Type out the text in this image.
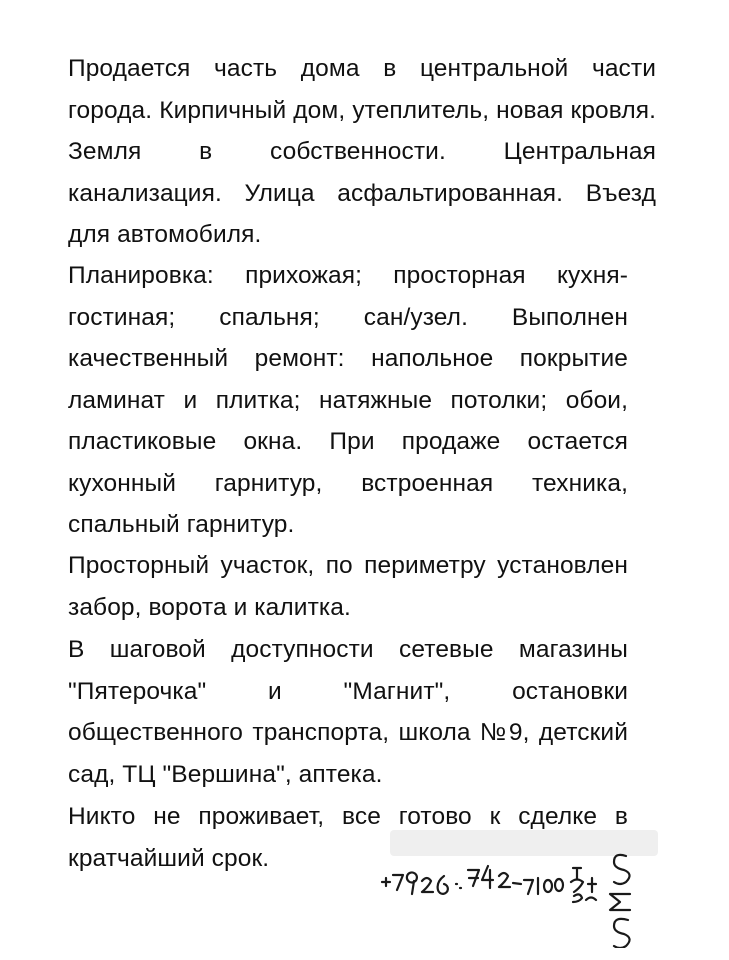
Продается часть дома в центральной части города. Кирпичный дом, утеплитель, новая кровля. Земля в собственности. Центральная канализация. Улица асфальтированная. Въезд для автомобиля.

Планировка: прихожая; просторная кухня-гостиная; спальня; сан/узел. Выполнен качественный ремонт: напольное покрытие ламинат и плитка; натяжные потолки; обои, пластиковые окна. При продаже остается кухонный гарнитур, встроенная техника, спальный гарнитур.

Просторный участок, по периметру установлен забор, ворота и калитка.

В шаговой доступности сетевые магазины "Пятерочка" и "Магнит", остановки общественного транспорта, школа №9, детский сад, ТЦ "Вершина", аптека.

Никто не проживает, все готово к сделке в кратчайший срок.
